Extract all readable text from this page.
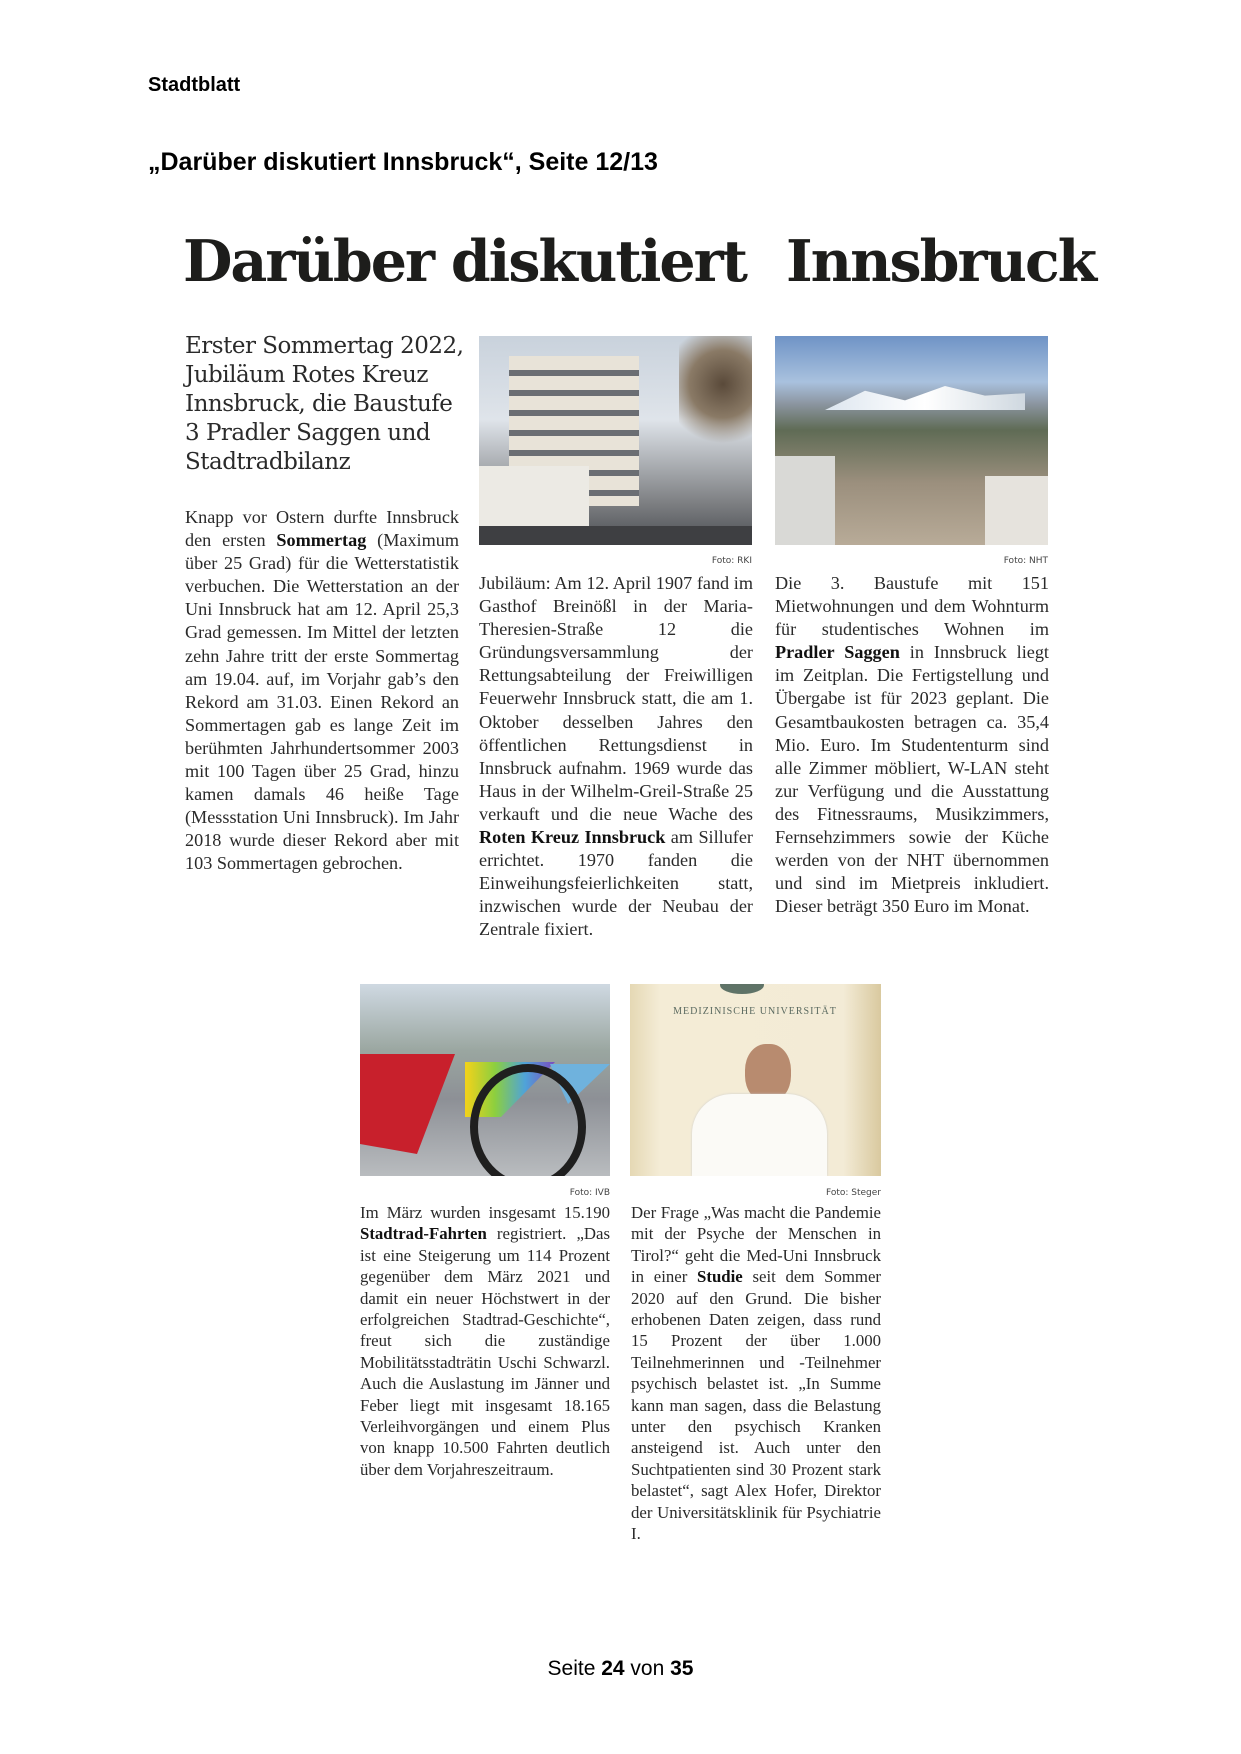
Stadtblatt
„Darüber diskutiert Innsbruck“, Seite 12/13
Darüber diskutiert Innsbruck
Erster Sommertag 2022, Jubiläum Rotes Kreuz Innsbruck, die Baustufe 3 Pradler Saggen und Stadtradbilanz
Knapp vor Ostern durfte Innsbruck den ersten Sommertag (Maximum über 25 Grad) für die Wetterstatistik verbuchen. Die Wetterstation an der Uni Innsbruck hat am 12. April 25,3 Grad gemessen. Im Mittel der letzten zehn Jahre tritt der erste Sommertag am 19.04. auf, im Vorjahr gab’s den Rekord am 31.03. Einen Rekord an Sommertagen gab es lange Zeit im berühmten Jahrhundertsommer 2003 mit 100 Tagen über 25 Grad, hinzu kamen damals 46 heiße Tage (Messstation Uni Innsbruck). Im Jahr 2018 wurde dieser Rekord aber mit 103 Sommertagen gebrochen.
Foto: RKI
Jubiläum: Am 12. April 1907 fand im Gasthof Breinößl in der Maria-Theresien-Straße 12 die Gründungsversammlung der Rettungsabteilung der Freiwilligen Feuerwehr Innsbruck statt, die am 1. Oktober desselben Jahres den öffentlichen Rettungsdienst in Innsbruck aufnahm. 1969 wurde das Haus in der Wilhelm-Greil-Straße 25 verkauft und die neue Wache des Roten Kreuz Innsbruck am Sillufer errichtet. 1970 fanden die Einweihungsfeierlichkeiten statt, inzwischen wurde der Neubau der Zentrale fixiert.
Foto: NHT
Die 3. Baustufe mit 151 Mietwohnungen und dem Wohnturm für studentisches Wohnen im Pradler Saggen in Innsbruck liegt im Zeitplan. Die Fertigstellung und Übergabe ist für 2023 geplant. Die Gesamtbaukosten betragen ca. 35,4 Mio. Euro. Im Studententurm sind alle Zimmer möbliert, W-LAN steht zur Verfügung und die Ausstattung des Fitnessraums, Musikzimmers, Fernsehzimmers sowie der Küche werden von der NHT übernommen und sind im Mietpreis inkludiert. Dieser beträgt 350 Euro im Monat.
Foto: IVB
Im März wurden insgesamt 15.190 Stadtrad-Fahrten registriert. „Das ist eine Steigerung um 114 Prozent gegenüber dem März 2021 und damit ein neuer Höchstwert in der erfolgreichen Stadtrad-Geschichte“, freut sich die zuständige Mobilitätsstadträtin Uschi Schwarzl. Auch die Auslastung im Jänner und Feber liegt mit insgesamt 18.165 Verleihvorgängen und einem Plus von knapp 10.500 Fahrten deutlich über dem Vorjahreszeitraum.
MEDIZINISCHE UNIVERSITÄT
Foto: Steger
Der Frage „Was macht die Pandemie mit der Psyche der Menschen in Tirol?“ geht die Med-Uni Innsbruck in einer Studie seit dem Sommer 2020 auf den Grund. Die bisher erhobenen Daten zeigen, dass rund 15 Prozent der über 1.000 Teilnehmerinnen und -Teilnehmer psychisch belastet ist. „In Summe kann man sagen, dass die Belastung unter den psychisch Kranken ansteigend ist. Auch unter den Suchtpatienten sind 30 Prozent stark belastet“, sagt Alex Hofer, Direktor der Universitätsklinik für Psychiatrie I.
Seite 24 von 35
